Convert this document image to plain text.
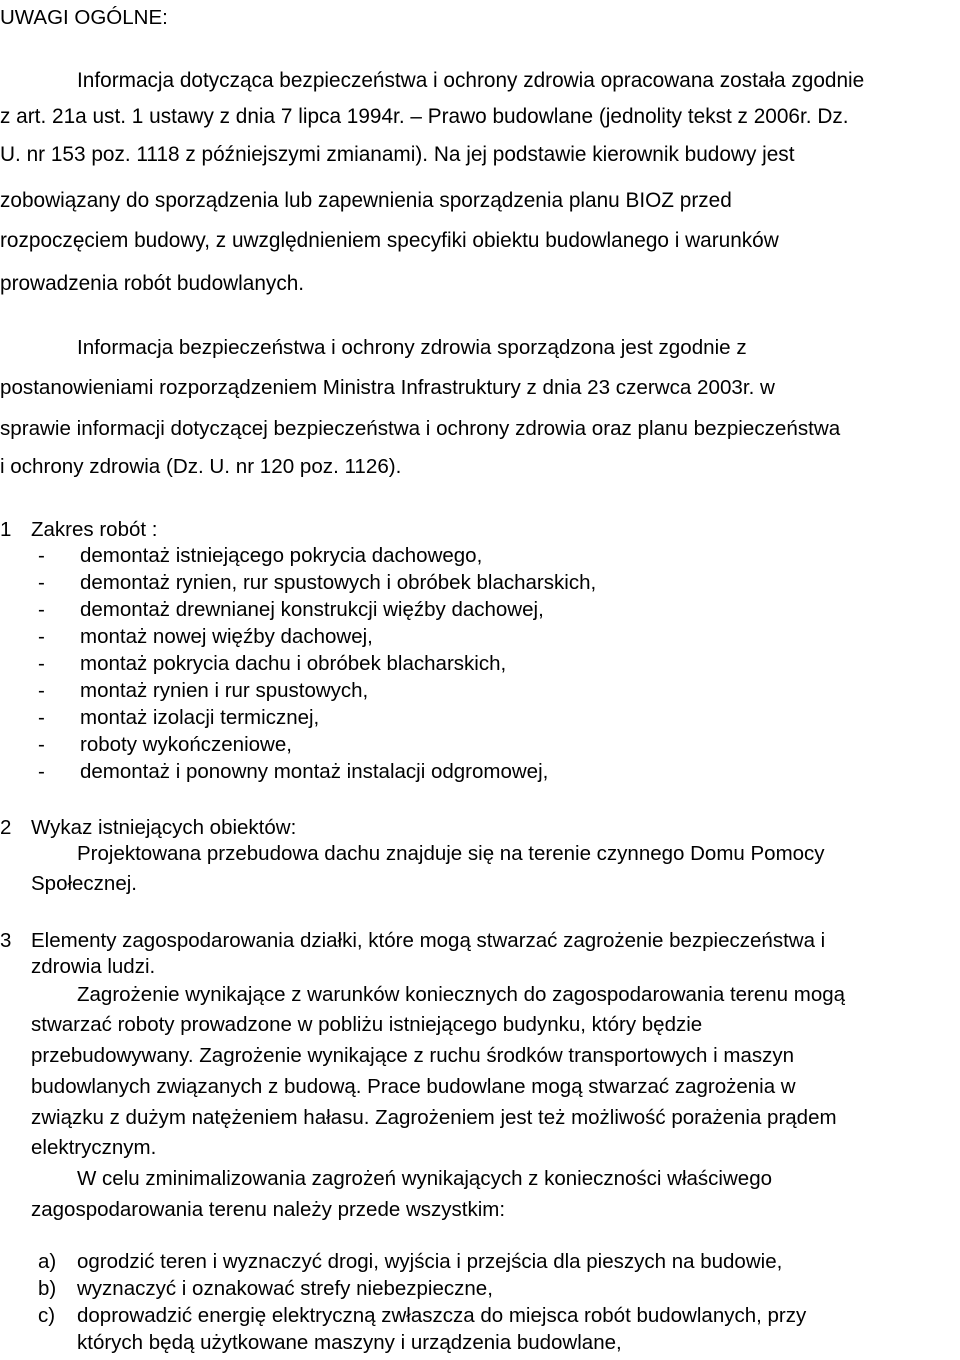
UWAGI OGÓLNE:
Informacja dotycząca bezpieczeństwa i ochrony zdrowia opracowana została zgodnie
z art. 21a ust. 1 ustawy z dnia 7 lipca 1994r. – Prawo budowlane (jednolity tekst z 2006r. Dz.
U. nr 153 poz. 1118 z późniejszymi zmianami). Na jej podstawie kierownik budowy jest
zobowiązany do sporządzenia lub zapewnienia sporządzenia planu BIOZ przed
rozpoczęciem budowy, z uwzględnieniem specyfiki obiektu budowlanego i warunków
prowadzenia robót budowlanych.
Informacja bezpieczeństwa i ochrony zdrowia sporządzona jest zgodnie z
postanowieniami rozporządzeniem Ministra Infrastruktury z dnia 23 czerwca 2003r. w
sprawie informacji dotyczącej bezpieczeństwa i ochrony zdrowia oraz planu bezpieczeństwa
i ochrony zdrowia (Dz. U. nr 120 poz. 1126).
1 Zakres robót :
- demontaż istniejącego pokrycia dachowego,
- demontaż rynien, rur spustowych i obróbek blacharskich,
- demontaż drewnianej konstrukcji więźby dachowej,
- montaż nowej więźby dachowej,
- montaż pokrycia dachu i obróbek blacharskich,
- montaż rynien i rur spustowych,
- montaż izolacji termicznej,
- roboty wykończeniowe,
- demontaż i ponowny montaż instalacji odgromowej,
2 Wykaz istniejących obiektów:
Projektowana przebudowa dachu znajduje się na terenie czynnego Domu Pomocy
Społecznej.
3 Elementy zagospodarowania działki, które mogą stwarzać zagrożenie bezpieczeństwa i
zdrowia ludzi.
Zagrożenie wynikające z warunków koniecznych do zagospodarowania terenu mogą
stwarzać roboty prowadzone w pobliżu istniejącego budynku, który będzie
przebudowywany. Zagrożenie wynikające z ruchu środków transportowych i maszyn
budowlanych związanych z budową. Prace budowlane mogą stwarzać zagrożenia w
związku z dużym natężeniem hałasu. Zagrożeniem jest też możliwość porażenia prądem
elektrycznym.
W celu zminimalizowania zagrożeń wynikających z konieczności właściwego
zagospodarowania terenu należy przede wszystkim:
a) ogrodzić teren i wyznaczyć drogi, wyjścia i przejścia dla pieszych na budowie,
b) wyznaczyć i oznakować strefy niebezpieczne,
c) doprowadzić energię elektryczną zwłaszcza do miejsca robót budowlanych, przy
których będą użytkowane maszyny i urządzenia budowlane,
